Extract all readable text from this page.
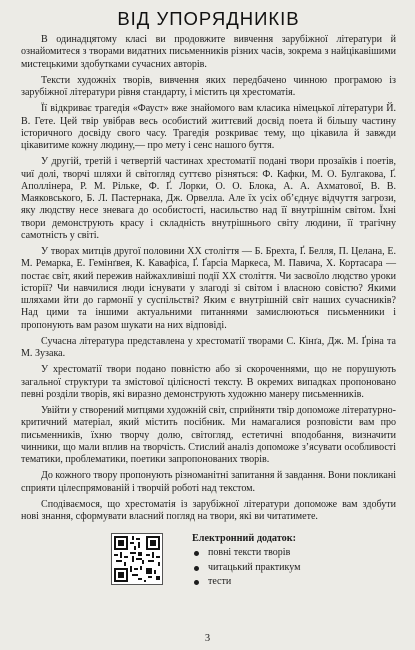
ВІД УПОРЯДНИКІВ

В одинадцятому класі ви продовжите вивчення зарубіжної літератури й ознайомитеся з творами видатних письменників різних часів, зокрема з найцікавішими мистецькими здобутками сучасних авторів.

Тексти художніх творів, вивчення яких передбачено чинною програмою із зарубіжної літератури рівня стандарту, і містить ця хрестоматія.

Її відкриває трагедія «Фауст» вже знайомого вам класика німецької літератури Й. В. Гете. Цей твір увібрав весь особистий життєвий досвід поета й більшу частину історичного досвіду свого часу. Трагедія розкриває тему, що цікавила й завжди цікавитиме кожну людину,— про мету і сенс нашого буття.

У другій, третій і четвертій частинах хрестоматії подані твори прозаїків і поетів, чиї долі, творчі шляхи й світогляд суттєво різняться: Ф. Кафки, М. О. Булгакова, Ґ. Аполлінера, Р. М. Рільке, Ф. Ґ. Лорки, О. О. Блока, А. А. Ахматової, В. В. Маяковського, Б. Л. Пастернака, Дж. Орвелла. Але їх усіх об’єднує відчуття загрози, яку людству несе зневага до особистості, насильство над її внутрішнім світом. Їхні твори демонструють красу і складність внутрішнього світу людини, її трагічну самотність у світі.

У творах митців другої половини XX століття — Б. Брехта, Ґ. Белля, П. Целана, Е. М. Ремарка, Е. Гемінґвея, К. Кавафіса, Ґ. Ґарсіа Маркеса, М. Павича, Х. Кортасара — постає світ, який пережив найжахливіші події XX століття. Чи засвоїло людство уроки історії? Чи навчилися люди існувати у злагоді зі світом і власною совістю? Якими шляхами йти до гармонії у суспільстві? Яким є внутрішній світ наших сучасників? Над цими та іншими актуальними питаннями замислюються письменники і пропонують вам разом шукати на них відповіді.

Сучасна література представлена у хрестоматії творами С. Кінґа, Дж. М. Ґріна та М. Зузака.

У хрестоматії твори подано повністю або зі скороченнями, що не порушують загальної структури та змістової цілісності тексту. В окремих випадках пропоновано певні розділи творів, які виразно демонструють художню манеру письменників.

Увійти у створений митцями художній світ, сприйняти твір допоможе літературно-критичний матеріал, який містить посібник. Ми намагалися розповісти вам про письменників, їхню творчу долю, світогляд, естетичні вподобання, визначити чинники, що мали вплив на творчість. Стислий аналіз допоможе з’ясувати особливості тематики, проблематики, поетики запропонованих творів.

До кожного твору пропонують різноманітні запитання й завдання. Вони покликані сприяти цілеспрямованій і творчій роботі над текстом.

Сподіваємося, що хрестоматія із зарубіжної літератури допоможе вам здобути нові знання, сформувати власний погляд на твори, які ви читатимете.

Електронний додаток:
повні тексти творів
читацький практикум
тести
3
